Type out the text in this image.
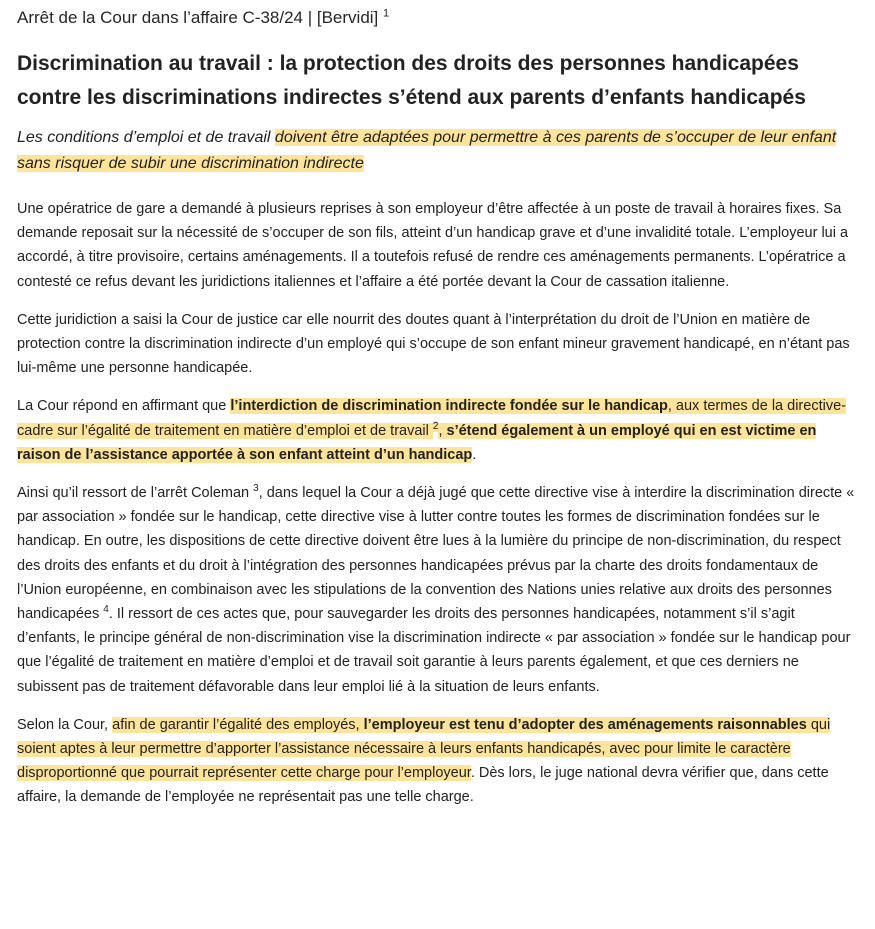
Arrêt de la Cour dans l’affaire C-38/24 | [Bervidi] $^1$
Discrimination au travail : la protection des droits des personnes handicapées contre les discriminations indirectes s’étend aux parents d’enfants handicapés
Les conditions d’emploi et de travail doivent être adaptées pour permettre à ces parents de s’occuper de leur enfant sans risquer de subir une discrimination indirecte

Une opératrice de gare a demandé à plusieurs reprises à son employeur d’être affectée à un poste de travail à horaires fixes. Sa demande reposait sur la nécessité de s’occuper de son fils, atteint d’un handicap grave et d’une invalidité totale. L’employeur lui a accordé, à titre provisoire, certains aménagements. Il a toutefois refusé de rendre ces aménagements permanents. L’opératrice a contesté ce refus devant les juridictions italiennes et l’affaire a été portée devant la Cour de cassation italienne.

Cette juridiction a saisi la Cour de justice car elle nourrit des doutes quant à l’interprétation du droit de l’Union en matière de protection contre la discrimination indirecte d’un employé qui s’occupe de son enfant mineur gravement handicapé, en n’étant pas lui-même une personne handicapée.

La Cour répond en affirmant que l’interdiction de discrimination indirecte fondée sur le handicap, aux termes de la directive-cadre sur l’égalité de traitement en matière d’emploi et de travail $^2$, s’étend également à un employé qui en est victime en raison de l’assistance apportée à son enfant atteint d’un handicap.

Ainsi qu’il ressort de l’arrêt Coleman $^3$, dans lequel la Cour a déjà jugé que cette directive vise à interdire la discrimination directe « par association » fondée sur le handicap, cette directive vise à lutter contre toutes les formes de discrimination fondées sur le handicap. En outre, les dispositions de cette directive doivent être lues à la lumière du principe de non-discrimination, du respect des droits des enfants et du droit à l’intégration des personnes handicapées prévus par la charte des droits fondamentaux de l’Union européenne, en combinaison avec les stipulations de la convention des Nations unies relative aux droits des personnes handicapées $^4$. Il ressort de ces actes que, pour sauvegarder les droits des personnes handicapées, notamment s’il s’agit d’enfants, le principe général de non-discrimination vise la discrimination indirecte « par association » fondée sur le handicap pour que l’égalité de traitement en matière d’emploi et de travail soit garantie à leurs parents également, et que ces derniers ne subissent pas de traitement défavorable dans leur emploi lié à la situation de leurs enfants.

Selon la Cour, afin de garantir l’égalité des employés, l’employeur est tenu d’adopter des aménagements raisonnables qui soient aptes à leur permettre d’apporter l’assistance nécessaire à leurs enfants handicapés, avec pour limite le caractère disproportionné que pourrait représenter cette charge pour l’employeur. Dès lors, le juge national devra vérifier que, dans cette affaire, la demande de l’employée ne représentait pas une telle charge.
